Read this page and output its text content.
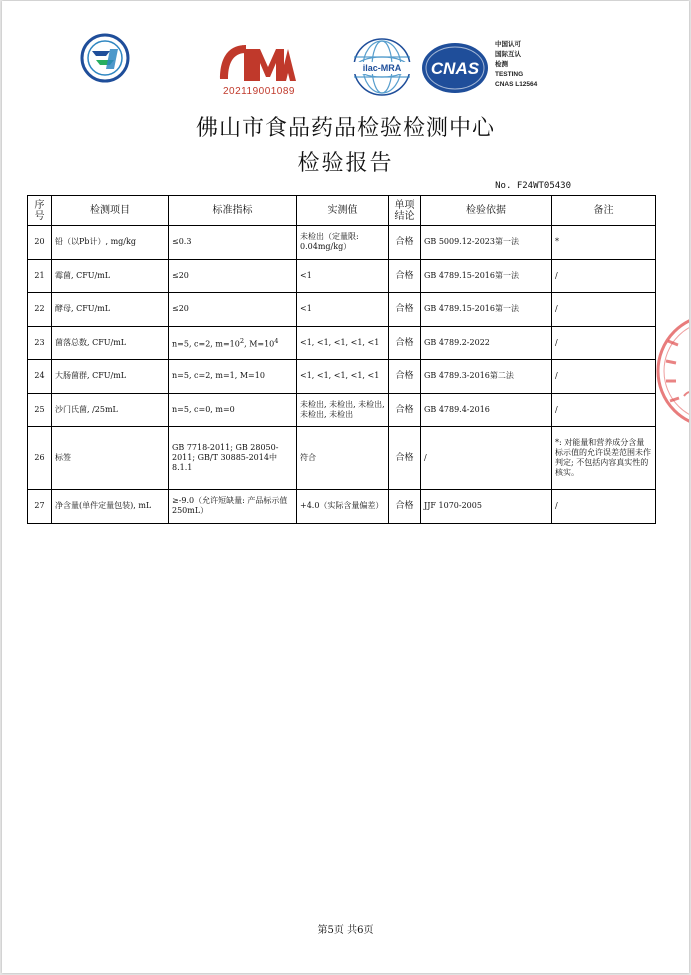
202119001089
ilac-MRA CNAS
中国认可
国际互认
检测
TESTING
CNAS L12564
佛山市食品药品检验检测中心
检验报告
No. F24WT05430
序号	检测项目	标准指标	实测值	单项结论	检验依据	备注
20	铅（以Pb计）, mg/kg	≤0.3	未检出（定量限: 0.04mg/kg）	合格	GB 5009.12-2023第一法	*
21	霉菌, CFU/mL	≤20	<1	合格	GB 4789.15-2016第一法	/
22	酵母, CFU/mL	≤20	<1	合格	GB 4789.15-2016第一法	/
23	菌落总数, CFU/mL	n=5, c=2, $m=10^2$, $M=10^4$	<1, <1, <1, <1, <1	合格	GB 4789.2-2022	/
24	大肠菌群, CFU/mL	n=5, c=2, m=1, M=10	<1, <1, <1, <1, <1	合格	GB 4789.3-2016第二法	/
25	沙门氏菌, /25mL	n=5, c=0, m=0	未检出, 未检出, 未检出, 未检出, 未检出	合格	GB 4789.4-2016	/
26	标签	GB 7718-2011; GB 28050-2011; GB/T 30885-2014中8.1.1	符合	合格	/	*: 对能量和营养成分含量标示值的允许误差范围未作判定; 不包括内容真实性的核实。
27	净含量(单件定量包装), mL	≥-9.0（允许短缺量: 产品标示值250mL）	+4.0（实际含量偏差）	合格	JJF 1070-2005	/
第5页 共6页
